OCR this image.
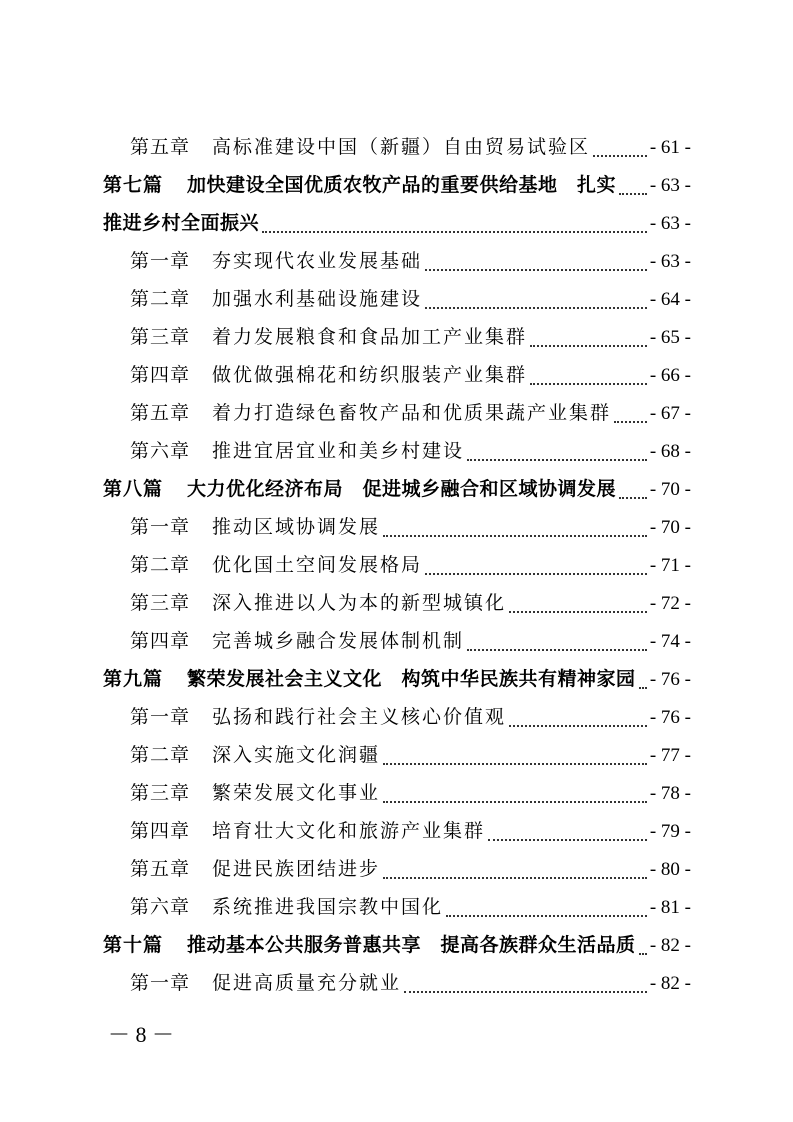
第五章	高标准建设中国（新疆）自由贸易试验区	- 61 -
第七篇	加快建设全国优质农牧产品的重要供给基地　扎实 - 63 -
推进乡村全面振兴	- 63 -
第一章	夯实现代农业发展基础	- 63 -
第二章	加强水利基础设施建设	- 64 -
第三章	着力发展粮食和食品加工产业集群	- 65 -
第四章	做优做强棉花和纺织服装产业集群	- 66 -
第五章	着力打造绿色畜牧产品和优质果蔬产业集群 - 67 -
第六章	推进宜居宜业和美乡村建设	- 68 -
第八篇	大力优化经济布局　促进城乡融合和区域协调发展 - 70 -
第一章	推动区域协调发展	- 70 -
第二章	优化国土空间发展格局	- 71 -
第三章	深入推进以人为本的新型城镇化	- 72 -
第四章	完善城乡融合发展体制机制	- 74 -
第九篇	繁荣发展社会主义文化　构筑中华民族共有精神家园 - 76 -
第一章	弘扬和践行社会主义核心价值观	- 76 -
第二章	深入实施文化润疆	- 77 -
第三章	繁荣发展文化事业	- 78 -
第四章	培育壮大文化和旅游产业集群	- 79 -
第五章	促进民族团结进步	- 80 -
第六章	系统推进我国宗教中国化	- 81 -
第十篇	推动基本公共服务普惠共享　提高各族群众生活品质 - 82 -
第一章	促进高质量充分就业	- 82 -
－ 8 －
